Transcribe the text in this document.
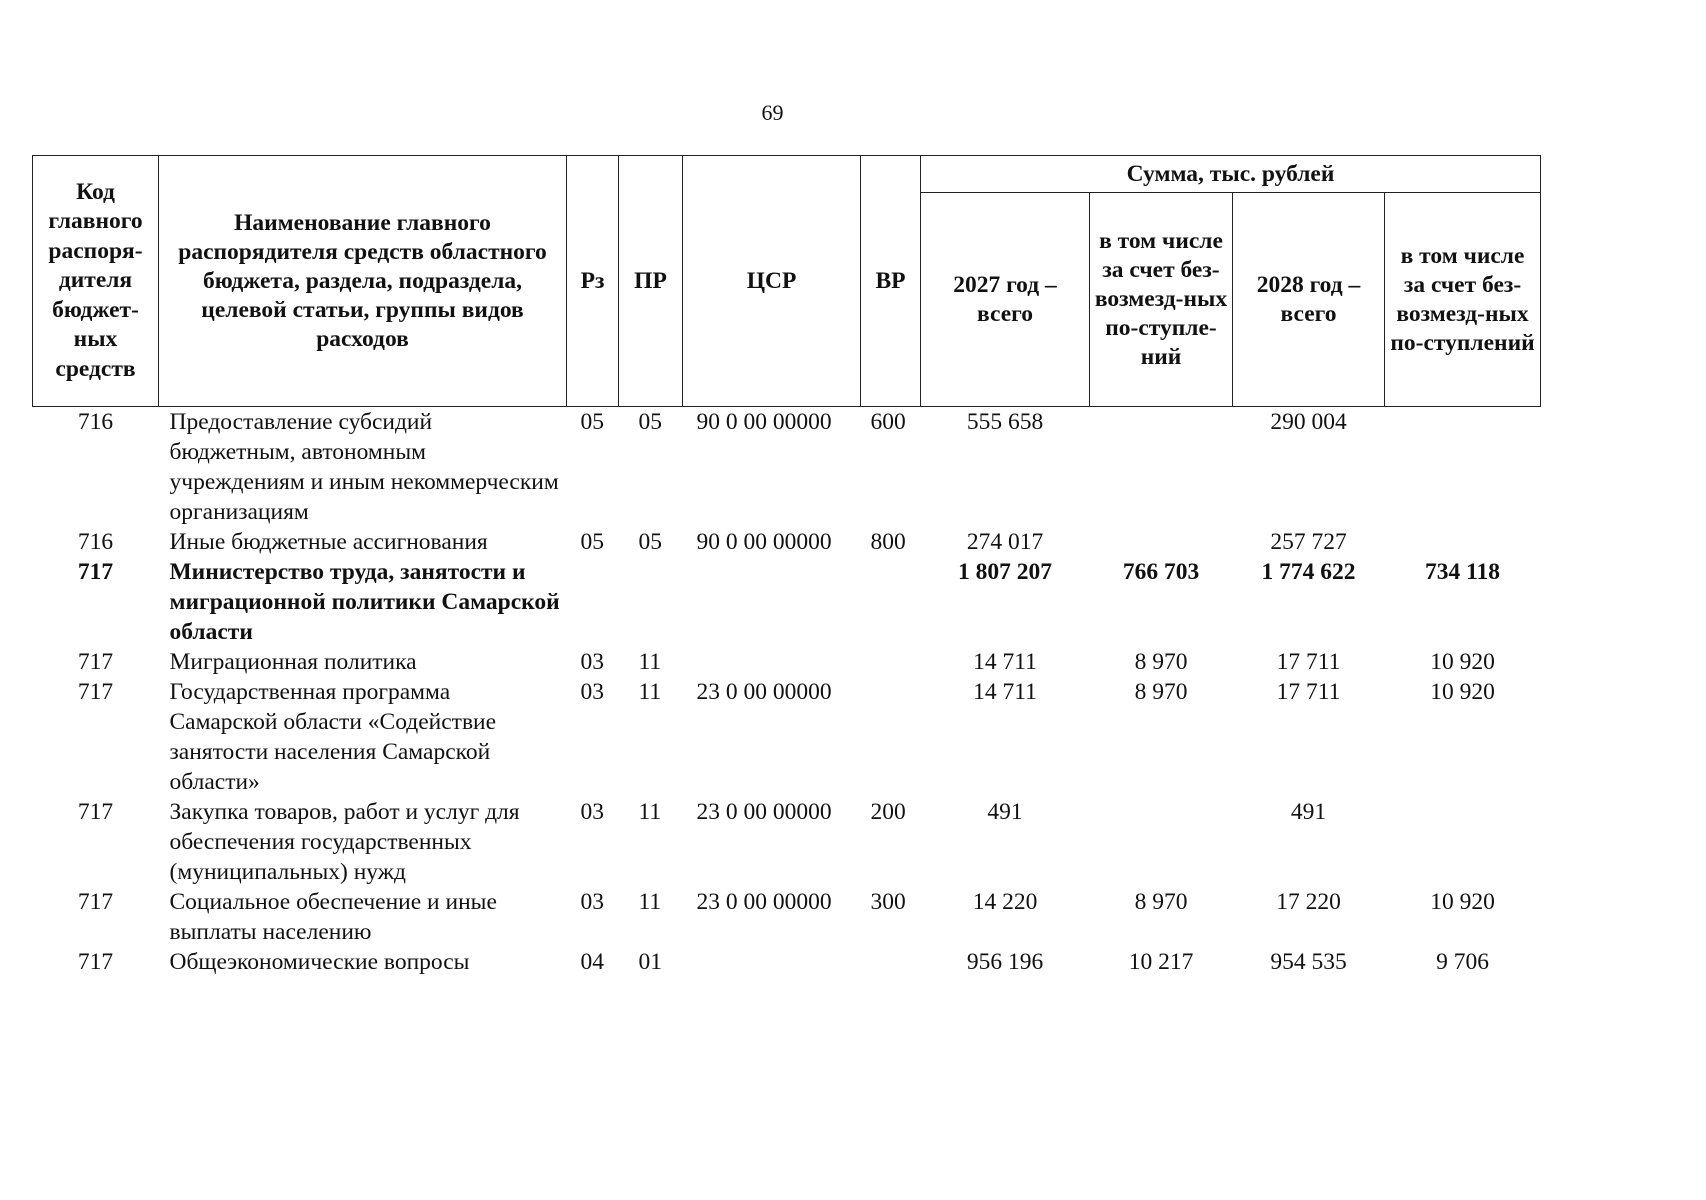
69
Код главного распоря-дителя бюджет-ных средств	Наименование главного распорядителя средств областного бюджета, раздела, подраздела, целевой статьи, группы видов расходов	Рз	ПР	ЦСР	ВР	Сумма, тыс. рублей			
						2027 год – всего	в том числе за счет без-возмезд-ных по-ступле-ний	2028 год – всего	в том числе за счет без-возмезд-ных по-ступлений
716	Предоставление субсидий бюджетным, автономным учреждениям и иным некоммерческим организациям	05	05	90 0 00 00000	600	555 658		290 004	
716	Иные бюджетные ассигнования	05	05	90 0 00 00000	800	274 017		257 727	
717	Министерство труда, занятости и миграционной политики Самарской области					1 807 207	766 703	1 774 622	734 118
717	Миграционная политика	03	11			14 711	8 970	17 711	10 920
717	Государственная программа Самарской области «Содействие занятости населения Самарской области»	03	11	23 0 00 00000		14 711	8 970	17 711	10 920
717	Закупка товаров, работ и услуг для обеспечения государственных (муниципальных) нужд	03	11	23 0 00 00000	200	491		491	
717	Социальное обеспечение и иные выплаты населению	03	11	23 0 00 00000	300	14 220	8 970	17 220	10 920
717	Общеэкономические вопросы	04	01			956 196	10 217	954 535	9 706
